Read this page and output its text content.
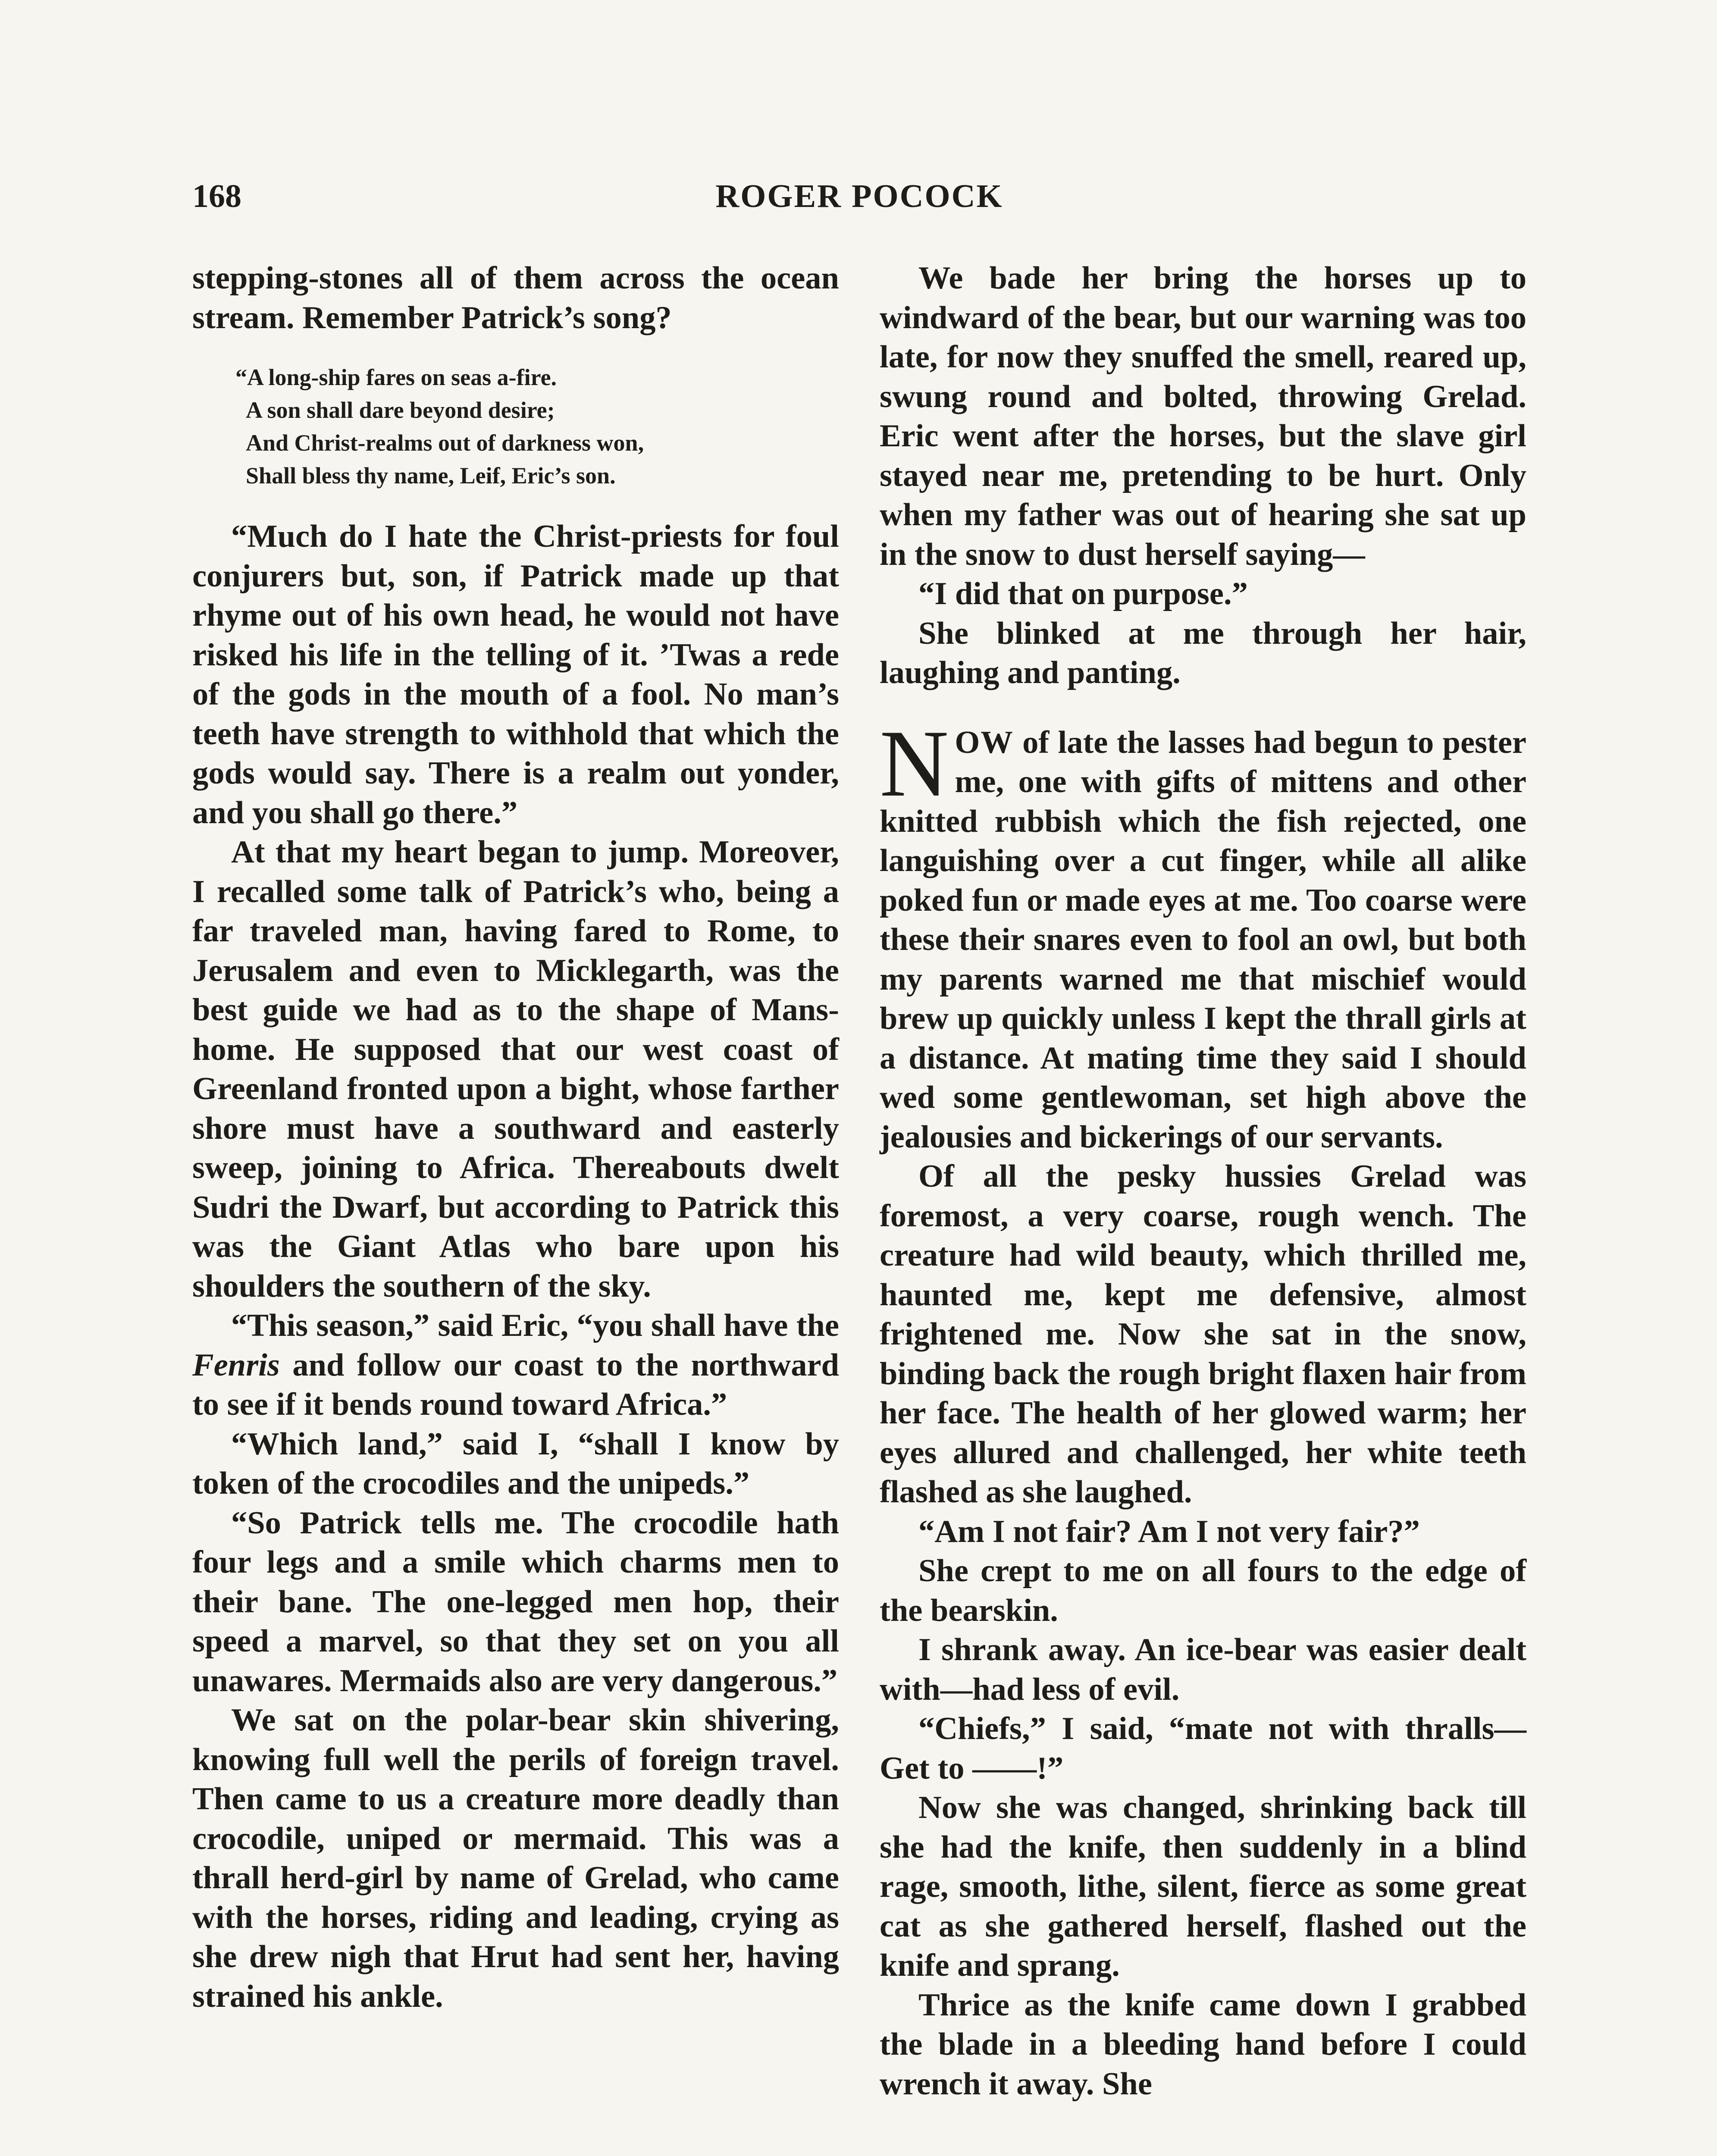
168	ROGER POCOCK

stepping-stones all of them across the ocean stream. Remember Patrick’s song?

“A long-ship fares on seas a-fire.
A son shall dare beyond desire;
And Christ-realms out of darkness won,
Shall bless thy name, Leif, Eric’s son.

“Much do I hate the Christ-priests for foul conjurers but, son, if Patrick made up that rhyme out of his own head, he would not have risked his life in the telling of it. ’Twas a rede of the gods in the mouth of a fool. No man’s teeth have strength to withhold that which the gods would say. There is a realm out yonder, and you shall go there.”

At that my heart began to jump. Moreover, I recalled some talk of Patrick’s who, being a far traveled man, having fared to Rome, to Jerusalem and even to Micklegarth, was the best guide we had as to the shape of Mans-home. He supposed that our west coast of Greenland fronted upon a bight, whose farther shore must have a southward and easterly sweep, joining to Africa. Thereabouts dwelt Sudri the Dwarf, but according to Patrick this was the Giant Atlas who bare upon his shoulders the southern of the sky.

“This season,” said Eric, “you shall have the Fenris and follow our coast to the northward to see if it bends round toward Africa.”

“Which land,” said I, “shall I know by token of the crocodiles and the unipeds.”

“So Patrick tells me. The crocodile hath four legs and a smile which charms men to their bane. The one-legged men hop, their speed a marvel, so that they set on you all unawares. Mermaids also are very dangerous.”

We sat on the polar-bear skin shivering, knowing full well the perils of foreign travel. Then came to us a creature more deadly than crocodile, uniped or mermaid. This was a thrall herd-girl by name of Grelad, who came with the horses, riding and leading, crying as she drew nigh that Hrut had sent her, having strained his ankle.

We bade her bring the horses up to windward of the bear, but our warning was too late, for now they snuffed the smell, reared up, swung round and bolted, throwing Grelad. Eric went after the horses, but the slave girl stayed near me, pretending to be hurt. Only when my father was out of hearing she sat up in the snow to dust herself saying—

“I did that on purpose.”

She blinked at me through her hair, laughing and panting.

NOW of late the lasses had begun to pester me, one with gifts of mittens and other knitted rubbish which the fish rejected, one languishing over a cut finger, while all alike poked fun or made eyes at me. Too coarse were these their snares even to fool an owl, but both my parents warned me that mischief would brew up quickly unless I kept the thrall girls at a distance. At mating time they said I should wed some gentlewoman, set high above the jealousies and bickerings of our servants.

Of all the pesky hussies Grelad was foremost, a very coarse, rough wench. The creature had wild beauty, which thrilled me, haunted me, kept me defensive, almost frightened me. Now she sat in the snow, binding back the rough bright flaxen hair from her face. The health of her glowed warm; her eyes allured and challenged, her white teeth flashed as she laughed.

“Am I not fair? Am I not very fair?”

She crept to me on all fours to the edge of the bearskin.

I shrank away. An ice-bear was easier dealt with—had less of evil.

“Chiefs,” I said, “mate not with thralls— Get to ——!”

Now she was changed, shrinking back till she had the knife, then suddenly in a blind rage, smooth, lithe, silent, fierce as some great cat as she gathered herself, flashed out the knife and sprang.

Thrice as the knife came down I grabbed the blade in a bleeding hand before I could wrench it away. She
